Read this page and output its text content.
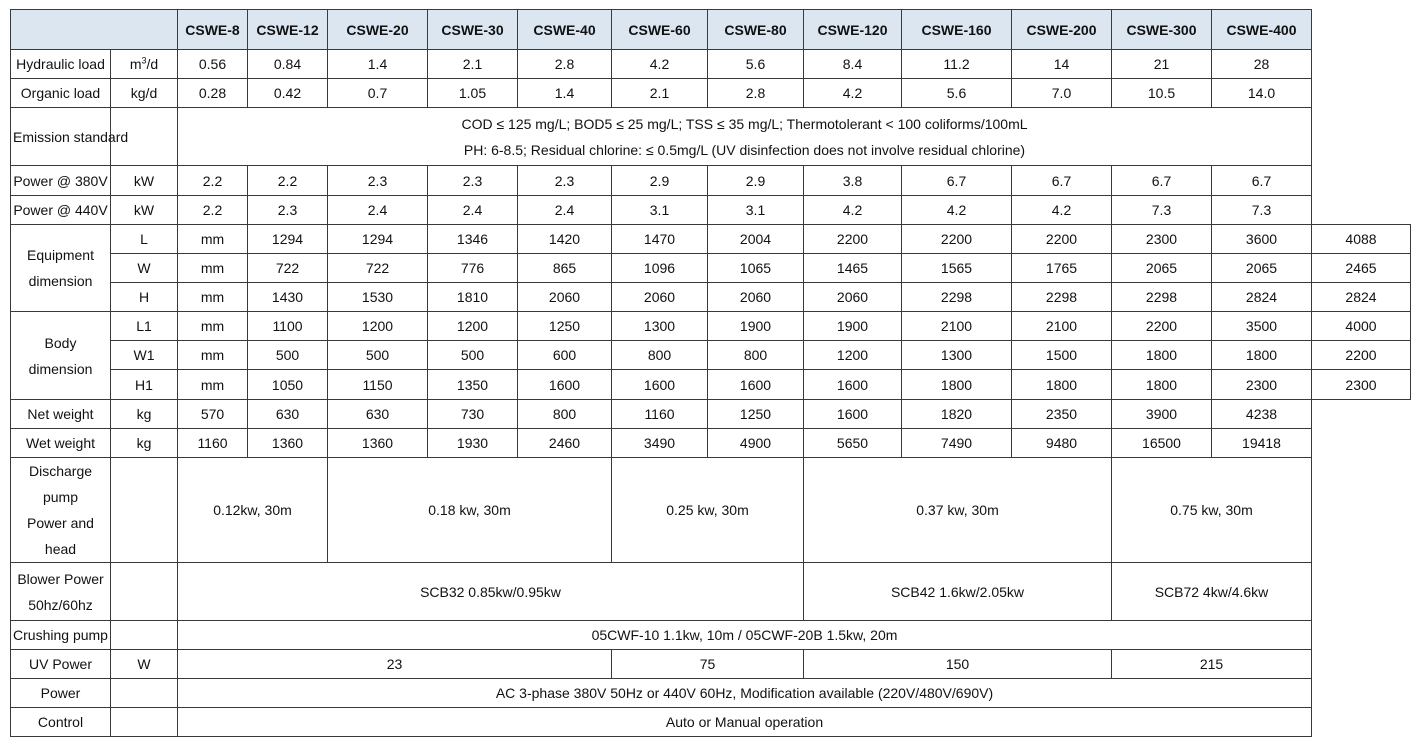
		CSWE-8	CSWE-12	CSWE-20	CSWE-30	CSWE-40	CSWE-60	CSWE-80	CSWE-120	CSWE-160	CSWE-200	CSWE-300	CSWE-400	
Hydraulic load	$m^3/d$	0.56	0.84	1.4	2.1	2.8	4.2	5.6	8.4	11.2	14	21	28	
Organic load	kg/d	0.28	0.42	0.7	1.05	1.4	2.1	2.8	4.2	5.6	7.0	10.5	14.0	
Emission standard		COD ≤ 125 mg/L; BOD5 ≤ 25 mg/L; TSS ≤ 35 mg/L; Thermotolerant < 100 coliforms/100mL
PH: 6-8.5; Residual chlorine: ≤ 0.5mg/L (UV disinfection does not involve residual chlorine)												

Power @ 380V	kW	2.2	2.2	2.3	2.3	2.3	2.9	2.9	3.8	6.7	6.7	6.7	6.7	
Power @ 440V	kW	2.2	2.3	2.4	2.4	2.4	3.1	3.1	4.2	4.2	4.2	7.3	7.3	

Equipment
dimension	L	mm	1294	1294	1346	1420	1470	2004	2200	2200	2200	2300	3600	4088
	W	mm	722	722	776	865	1096	1065	1465	1565	1765	2065	2065	2465
	H	mm	1430	1530	1810	2060	2060	2060	2060	2298	2298	2298	2824	2824

Body
dimension	L1	mm	1100	1200	1200	1250	1300	1900	1900	2100	2100	2200	3500	4000
	W1	mm	500	500	500	600	800	800	1200	1300	1500	1800	1800	2200
	H1	mm	1050	1150	1350	1600	1600	1600	1600	1800	1800	1800	2300	2300
Net weight	kg	570	630	630	730	800	1160	1250	1600	1820	2350	3900	4238	
Wet weight	kg	1160	1360	1360	1930	2460	3490	4900	5650	7490	9480	16500	19418	

Discharge pump
Power and head		0.12kw, 30m		0.18 kw, 30m			0.25 kw, 30m		0.37 kw, 30m			0.75 kw, 30m		

Blower Power
50hz/60hz		SCB32 0.85kw/0.95kw							SCB42 1.6kw/2.05kw			SCB72 4kw/4.6kw		
Crushing pump		05CWF-10 1.1kw, 10m / 05CWF-20B 1.5kw, 20m												
UV Power	W	23					75		150			215		
Power		AC 3-phase 380V 50Hz or 440V 60Hz, Modification available (220V/480V/690V)												
Control		Auto or Manual operation												
